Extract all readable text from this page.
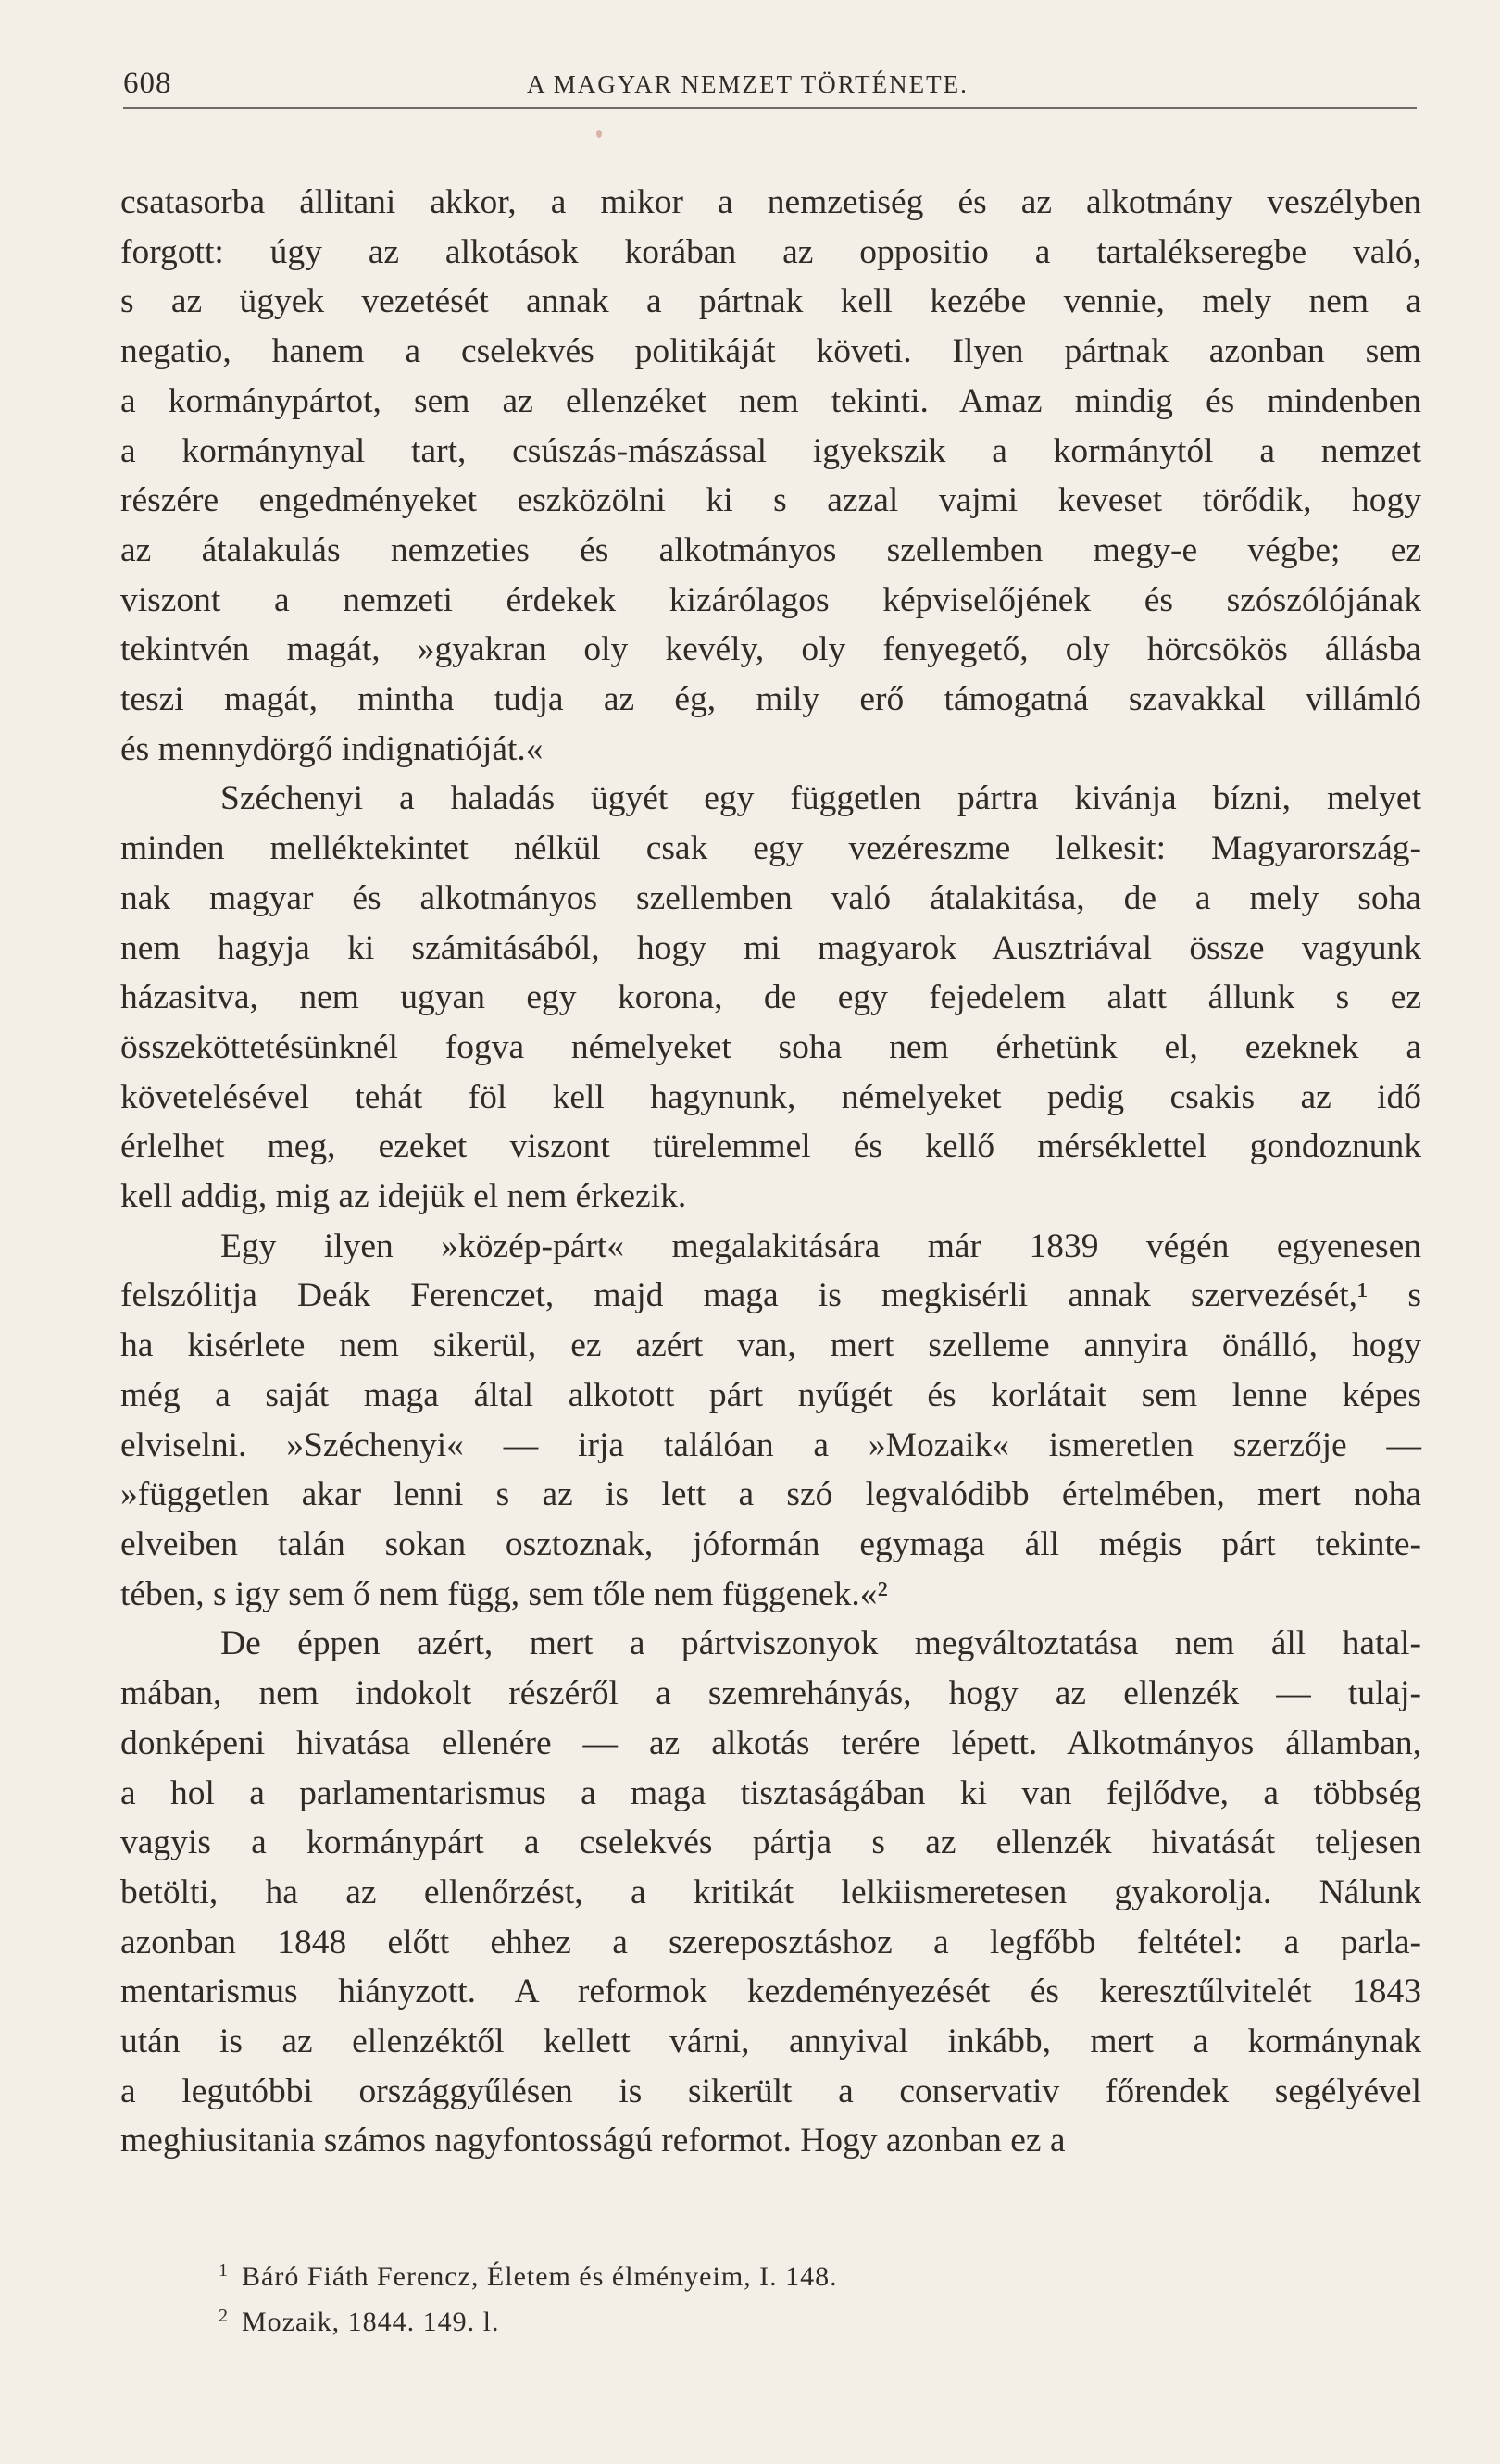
608	A MAGYAR NEMZET TÖRTÉNETE.
csatasorba állitani akkor, a mikor a nemzetiség és az alkotmány veszélyben
forgott: úgy az alkotások korában az oppositio a tartalékseregbe való,
s az ügyek vezetését annak a pártnak kell kezébe vennie, mely nem a
negatio, hanem a cselekvés politikáját követi. Ilyen pártnak azonban sem
a kormánypártot, sem az ellenzéket nem tekinti. Amaz mindig és mindenben
a kormánynyal tart, csúszás-mászással igyekszik a kormánytól a nemzet
részére engedményeket eszközölni ki s azzal vajmi keveset törődik, hogy
az átalakulás nemzeties és alkotmányos szellemben megy-e végbe; ez
viszont a nemzeti érdekek kizárólagos képviselőjének és szószólójának
tekintvén magát, »gyakran oly kevély, oly fenyegető, oly hörcsökös állásba
teszi magát, mintha tudja az ég, mily erő támogatná szavakkal villámló
és mennydörgő indignatióját.«
Széchenyi a haladás ügyét egy független pártra kivánja bízni, melyet
minden melléktekintet nélkül csak egy vezéreszme lelkesit: Magyarország-
nak magyar és alkotmányos szellemben való átalakitása, de a mely soha
nem hagyja ki számitásából, hogy mi magyarok Ausztriával össze vagyunk
házasitva, nem ugyan egy korona, de egy fejedelem alatt állunk s ez
összeköttetésünknél fogva némelyeket soha nem érhetünk el, ezeknek a
követelésével tehát föl kell hagynunk, némelyeket pedig csakis az idő
érlelhet meg, ezeket viszont türelemmel és kellő mérséklettel gondoznunk
kell addig, mig az idejük el nem érkezik.
Egy ilyen »közép-párt« megalakitására már 1839 végén egyenesen
felszólitja Deák Ferenczet, majd maga is megkisérli annak szervezését,¹ s
ha kisérlete nem sikerül, ez azért van, mert szelleme annyira önálló, hogy
még a saját maga által alkotott párt nyűgét és korlátait sem lenne képes
elviselni. »Széchenyi« — irja találóan a »Mozaik« ismeretlen szerzője —
»független akar lenni s az is lett a szó legvalódibb értelmében, mert noha
elveiben talán sokan osztoznak, jóformán egymaga áll mégis párt tekinte-
tében, s igy sem ő nem függ, sem tőle nem függenek.«²
De éppen azért, mert a pártviszonyok megváltoztatása nem áll hatal-
mában, nem indokolt részéről a szemrehányás, hogy az ellenzék — tulaj-
donképeni hivatása ellenére — az alkotás terére lépett. Alkotmányos államban,
a hol a parlamentarismus a maga tisztaságában ki van fejlődve, a többség
vagyis a kormánypárt a cselekvés pártja s az ellenzék hivatását teljesen
betölti, ha az ellenőrzést, a kritikát lelkiismeretesen gyakorolja. Nálunk
azonban 1848 előtt ehhez a szereposztáshoz a legfőbb feltétel: a parla-
mentarismus hiányzott. A reformok kezdeményezését és keresztűlvitelét 1843
után is az ellenzéktől kellett várni, annyival inkább, mert a kormánynak
a legutóbbi országgyűlésen is sikerült a conservativ főrendek segélyével
meghiusitania számos nagyfontosságú reformot. Hogy azonban ez a
$^1$ Báró Fiáth Ferencz, Életem és élményeim, I. 148.
$^2$ Mozaik, 1844. 149. l.
